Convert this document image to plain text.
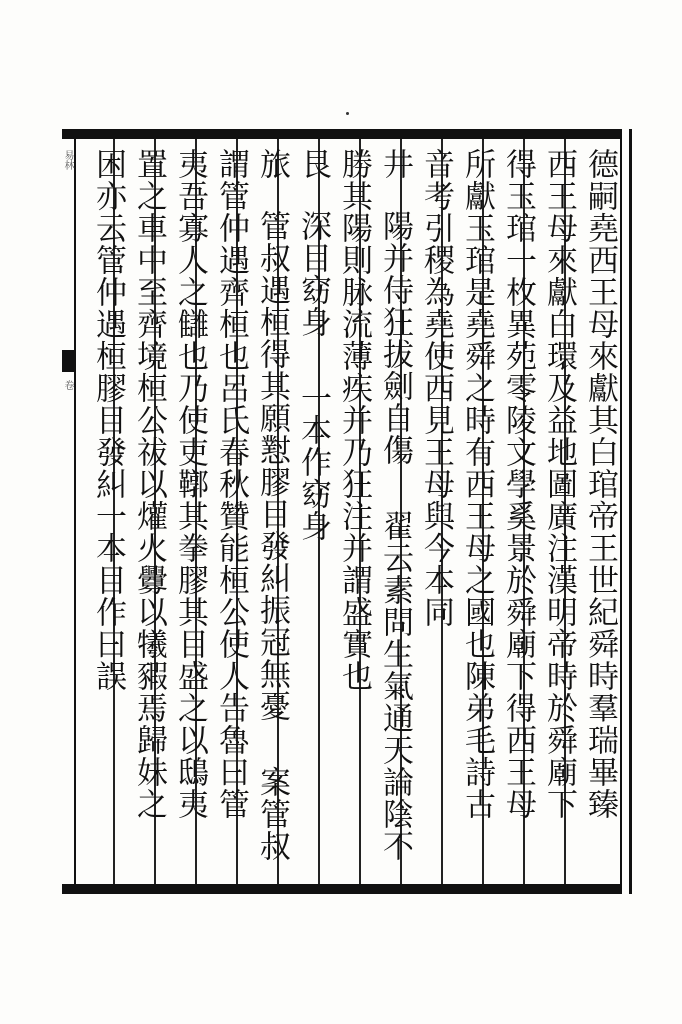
易林
卷	德嗣堯西王母來獻其白琯帝王世紀舜時羣瑞畢臻
西王母來獻白環及益地圖廣注漢明帝時於舜廟下
得玉琯一枚異苑零陵文學奚景於舜廟下得西王母
所獻玉琯是堯舜之時有西王母之國也陳弟毛詩古
音考引稷為堯使西見王母與今本同
井陽并侍狂拔劍自傷翟云素問生氣通天論陰不
勝其陽則脉流薄疾并乃狂注并謂盛實也
艮深目窈身一本作窈身
旅管叔遇桓得其願懟膠目發糾振冠無憂案管叔
謂管仲遇齊桓也呂氏春秋贊能桓公使人告魯曰管
夷吾寡人之讎也乃使吏鞹其拳膠其目盛之以鴟夷
置之車中至齊境桓公祓以爟火釁以犧豭焉歸妹之
困亦云管仲遇桓膠目發糾一本目作曰誤
